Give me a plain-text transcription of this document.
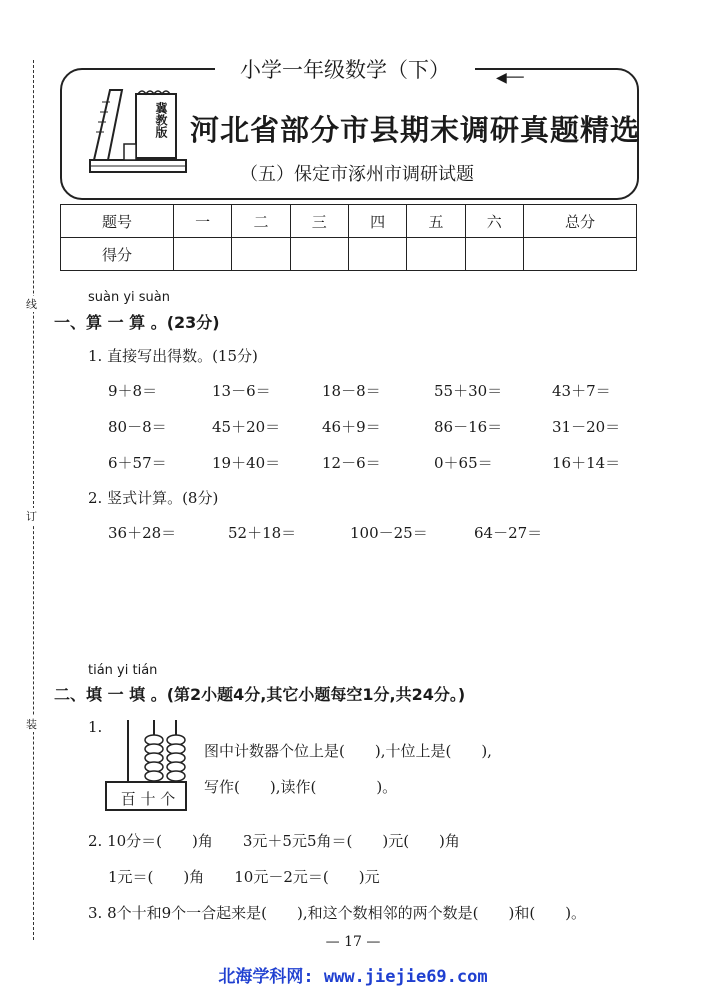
线
订
装
小学一年级数学（下）	◀──
冀教版 河北省部分市县期末调研真题精选
（五）保定市涿州市调研试题
题号	一	二	三	四	五	六	总分
得分							
suàn yi suàn
一、算 一 算 。(23分)
1. 直接写出得数。(15分)
9＋8＝	13－6＝	18－8＝	55＋30＝	43＋7＝
80－8＝	45＋20＝	46＋9＝	86－16＝	31－20＝
6＋57＝	19＋40＝	12－6＝	0＋65＝	16＋14＝
2. 竖式计算。(8分)
36＋28＝	52＋18＝	100－25＝	64－27＝
tián yi tián
二、填 一 填 。(第2小题4分,其它小题每空1分,共24分。)
1.
百 十 个
图中计数器个位上是(　　),十位上是(　　),
写作(　　),读作(　　　　)。
2. 10分＝(　　)角　　3元＋5元5角＝(　　)元(　　)角
1元＝(　　)角　　10元－2元＝(　　)元
3. 8个十和9个一合起来是(　　),和这个数相邻的两个数是(　　)和(　　)。
— 17 —
北海学科网: www.jiejie69.com
